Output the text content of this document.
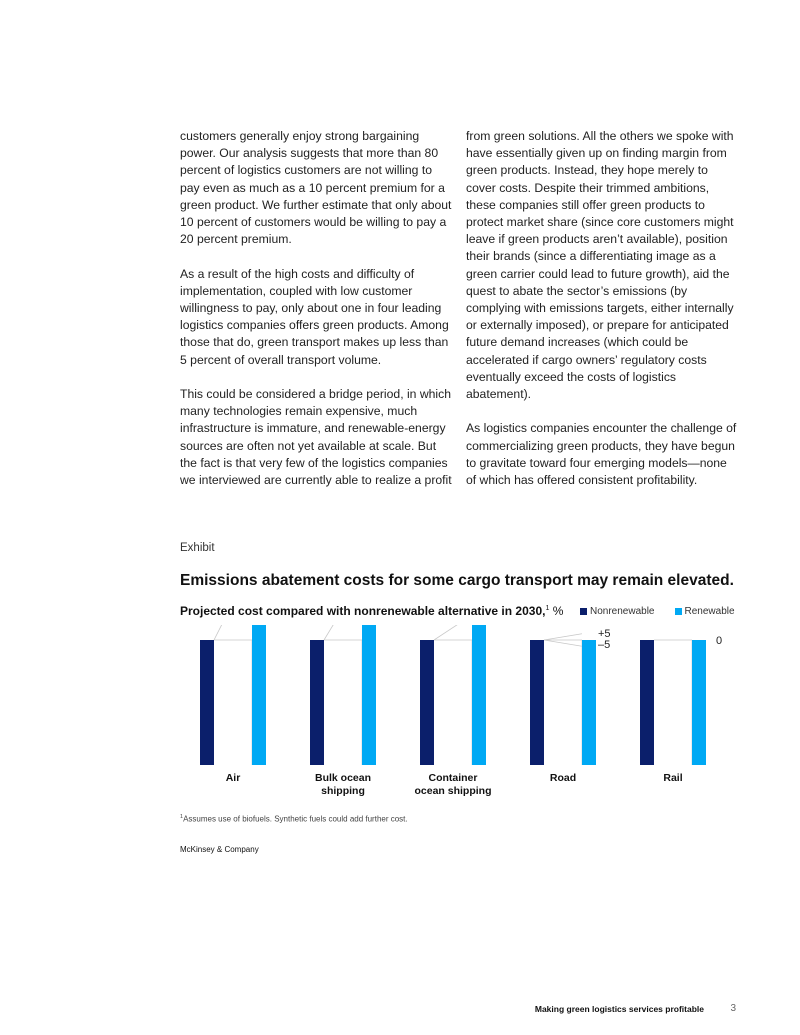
customers generally enjoy strong bargaining power. Our analysis suggests that more than 80 percent of logistics customers are not willing to pay even as much as a 10 percent premium for a green product. We further estimate that only about 10 percent of customers would be willing to pay a 20 percent premium.

As a result of the high costs and difficulty of implementation, coupled with low customer willingness to pay, only about one in four leading logistics companies offers green products. Among those that do, green transport makes up less than 5 percent of overall transport volume.

This could be considered a bridge period, in which many technologies remain expensive, much infrastructure is immature, and renewable-energy sources are often not yet available at scale. But the fact is that very few of the logistics companies we interviewed are currently able to realize a profit

from green solutions. All the others we spoke with have essentially given up on finding margin from green products. Instead, they hope merely to cover costs. Despite their trimmed ambitions, these companies still offer green products to protect market share (since core customers might leave if green products aren’t available), position their brands (since a differentiating image as a green carrier could lead to future growth), aid the quest to abate the sector’s emissions (by complying with emissions targets, either internally or externally imposed), or prepare for anticipated future demand increases (which could be accelerated if cargo owners’ regulatory costs eventually exceed the costs of logistics abatement).

As logistics companies encounter the challenge of commercializing green products, they have begun to gravitate toward four emerging models—none of which has offered consistent profitability.

Exhibit
Emissions abatement costs for some cargo transport may remain elevated.
Projected cost compared with nonrenewable alternative in 2030,$^1$ %	Nonrenewable	Renewable
Air	Bulk ocean
shipping
Container
ocean shipping
+5
–5
Road
0
Rail
$^1$Assumes use of biofuels. Synthetic fuels could add further cost.
McKinsey & Company
Making green logistics services profitable	3
